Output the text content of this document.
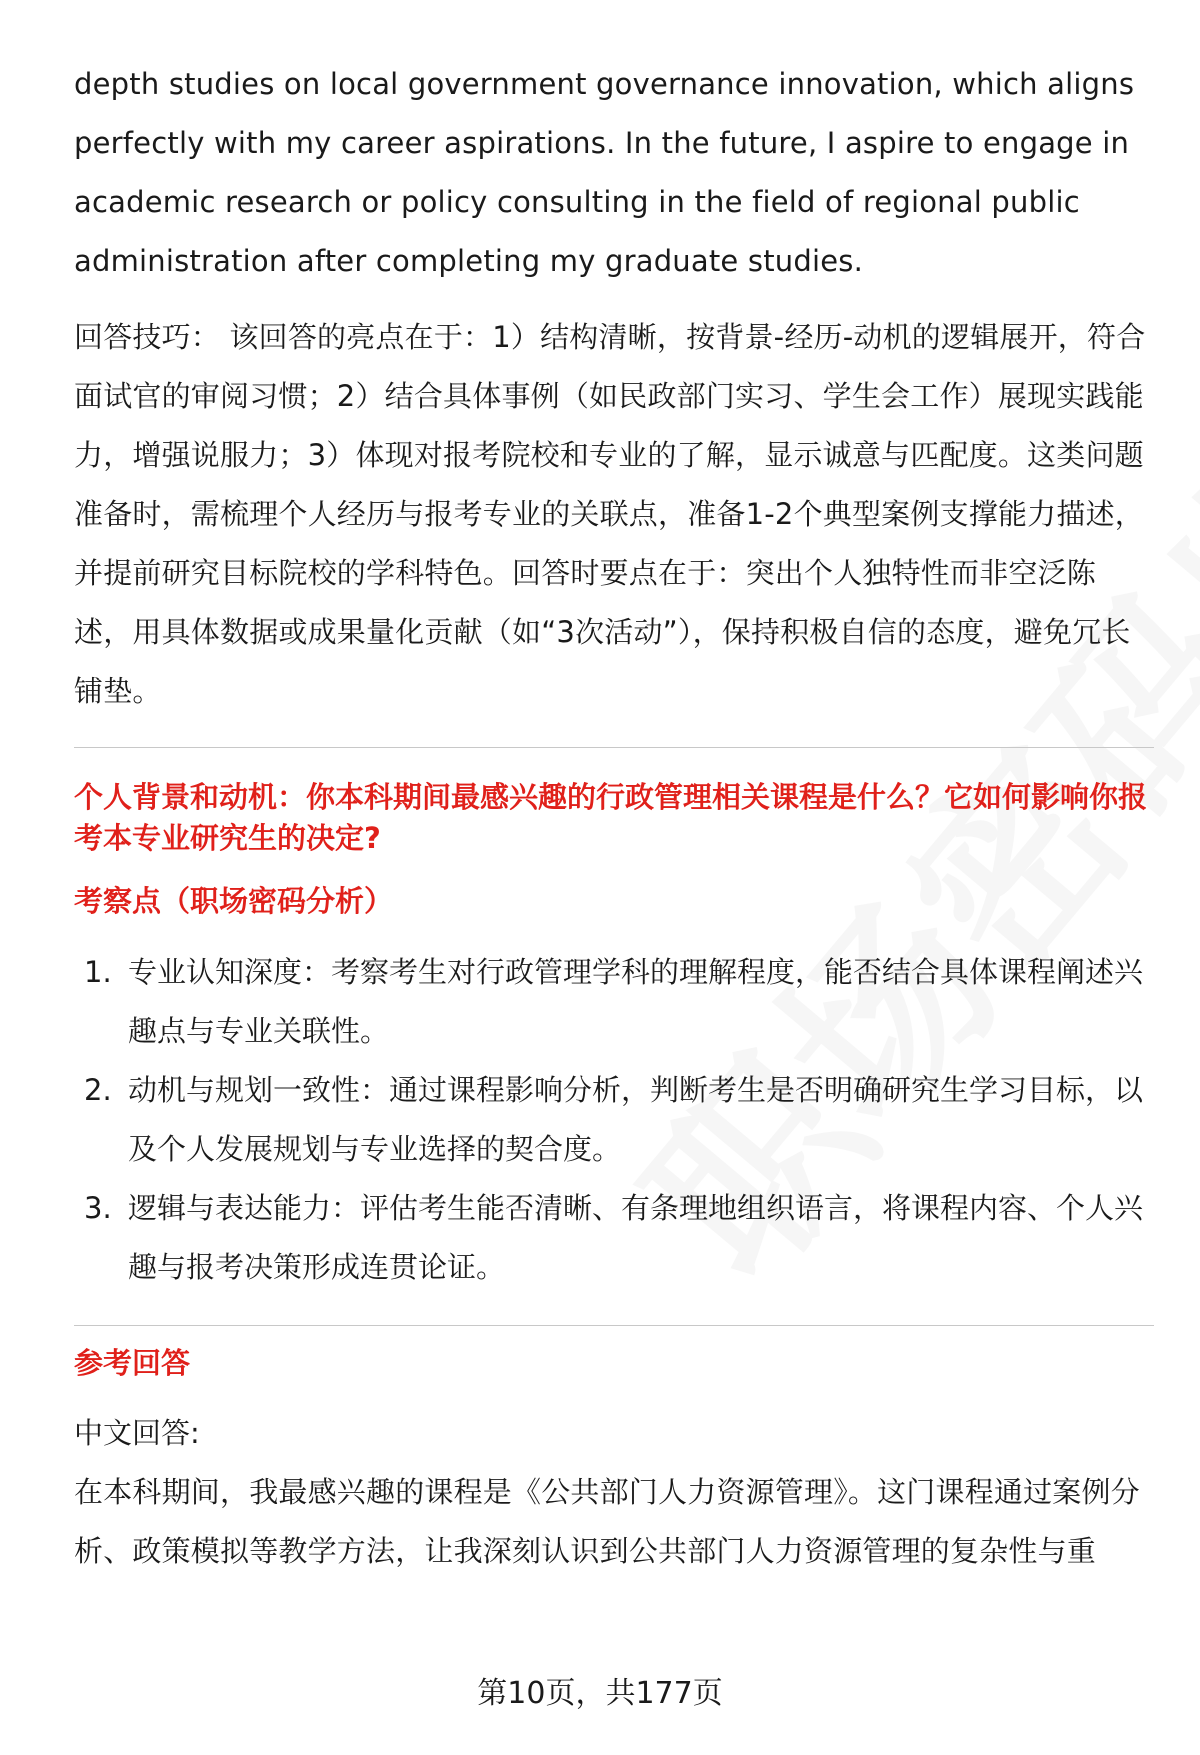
depth studies on local government governance innovation, which aligns perfectly with my career aspirations. In the future, I aspire to engage in academic research or policy consulting in the field of regional public administration after completing my graduate studies.

回答技巧： 该回答的亮点在于：1）结构清晰，按背景-经历-动机的逻辑展开，符合面试官的审阅习惯；2）结合具体事例（如民政部门实习、学生会工作）展现实践能力，增强说服力；3）体现对报考院校和专业的了解，显示诚意与匹配度。这类问题准备时，需梳理个人经历与报考专业的关联点，准备1-2个典型案例支撑能力描述，并提前研究目标院校的学科特色。回答时要点在于：突出个人独特性而非空泛陈述，用具体数据或成果量化贡献（如“3次活动”），保持积极自信的态度，避免冗长铺垫。

个人背景和动机：你本科期间最感兴趣的行政管理相关课程是什么？它如何影响你报考本专业研究生的决定?
考察点（职场密码分析）
1. 专业认知深度：考察考生对行政管理学科的理解程度，能否结合具体课程阐述兴趣点与专业关联性。
2. 动机与规划一致性：通过课程影响分析，判断考生是否明确研究生学习目标，以及个人发展规划与专业选择的契合度。
3. 逻辑与表达能力：评估考生能否清晰、有条理地组织语言，将课程内容、个人兴趣与报考决策形成连贯论证。
参考回答

中文回答:

在本科期间，我最感兴趣的课程是《公共部门人力资源管理》。这门课程通过案例分析、政策模拟等教学方法，让我深刻认识到公共部门人力资源管理的复杂性与重

第10页，共177页
